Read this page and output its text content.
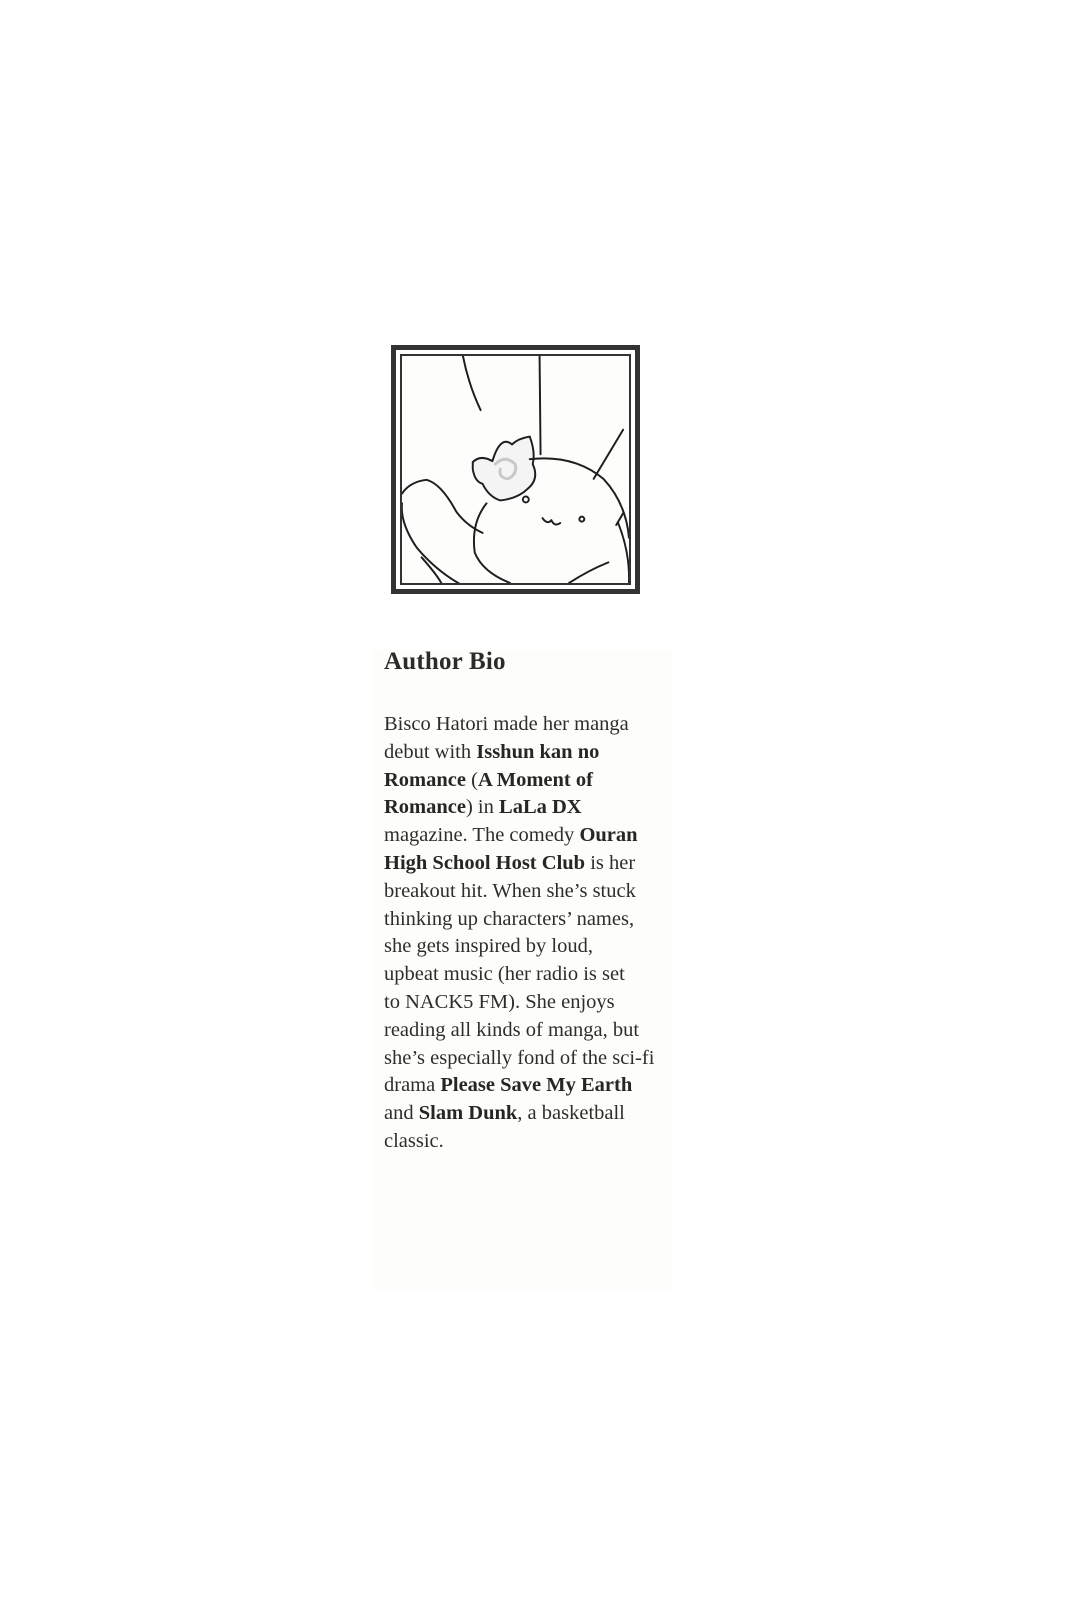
Author Bio

Bisco Hatori made her manga
debut with Isshun kan no
Romance (A Moment of
Romance) in LaLa DX
magazine. The comedy Ouran
High School Host Club is her
breakout hit. When she’s stuck
thinking up characters’ names,
she gets inspired by loud,
upbeat music (her radio is set
to NACK5 FM). She enjoys
reading all kinds of manga, but
she’s especially fond of the sci-fi
drama Please Save My Earth
and Slam Dunk, a basketball
classic.
